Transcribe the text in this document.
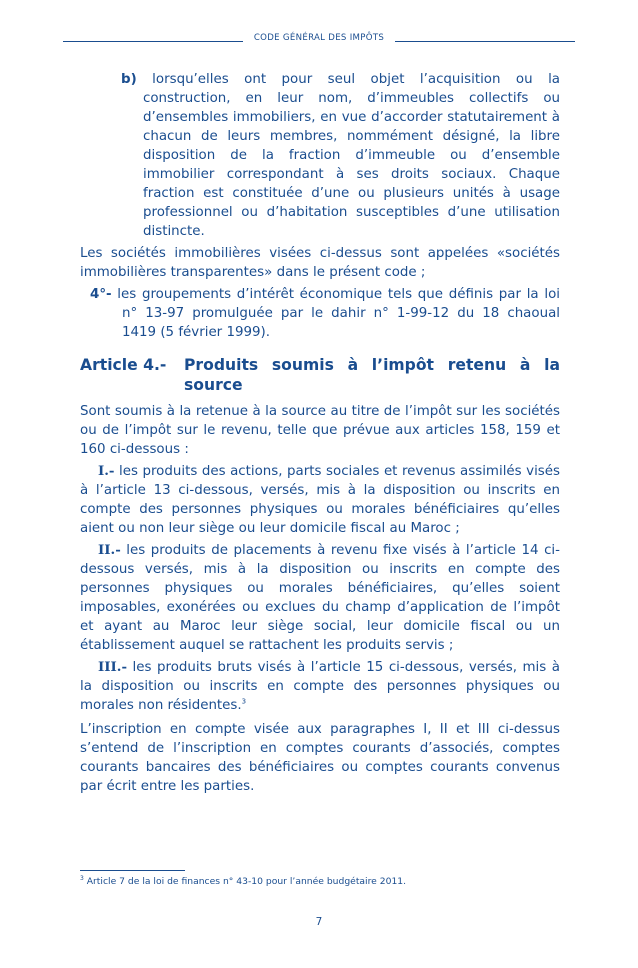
CODE GÉNÉRAL DES IMPÔTS

b) lorsqu’elles ont pour seul objet l’acquisition ou la construction, en leur nom, d’immeubles collectifs ou d’ensembles immobiliers, en vue d’accorder statutairement à chacun de leurs membres, nommément désigné, la libre disposition de la fraction d’immeuble ou d’ensemble immobilier correspondant à ses droits sociaux. Chaque fraction est constituée d’une ou plusieurs unités à usage professionnel ou d’habitation susceptibles d’une utilisation distincte.

Les sociétés immobilières visées ci-dessus sont appelées «sociétés immobilières transparentes» dans le présent code ;

4°- les groupements d’intérêt économique tels que définis par la loi n° 13-97 promulguée par le dahir n° 1-99-12 du 18 chaoual 1419 (5 février 1999).

Article 4.- Produits soumis à l’impôt retenu à la source

Sont soumis à la retenue à la source au titre de l’impôt sur les sociétés ou de l’impôt sur le revenu, telle que prévue aux articles 158, 159 et 160 ci-dessous :

I.- les produits des actions, parts sociales et revenus assimilés visés à l’article 13 ci-dessous, versés, mis à la disposition ou inscrits en compte des personnes physiques ou morales bénéficiaires qu’elles aient ou non leur siège ou leur domicile fiscal au Maroc ;

II.- les produits de placements à revenu fixe visés à l’article 14 ci-dessous versés, mis à la disposition ou inscrits en compte des personnes physiques ou morales bénéficiaires, qu’elles soient imposables, exonérées ou exclues du champ d’application de l’impôt et ayant au Maroc leur siège social, leur domicile fiscal ou un établissement auquel se rattachent les produits servis ;

III.- les produits bruts visés à l’article 15 ci-dessous, versés, mis à la disposition ou inscrits en compte des personnes physiques ou morales non résidentes.$^3$

L’inscription en compte visée aux paragraphes I, II et III ci-dessus s’entend de l’inscription en comptes courants d’associés, comptes courants bancaires des bénéficiaires ou comptes courants convenus par écrit entre les parties.

$^3$ Article 7 de la loi de finances n° 43-10 pour l’année budgétaire 2011.
7
